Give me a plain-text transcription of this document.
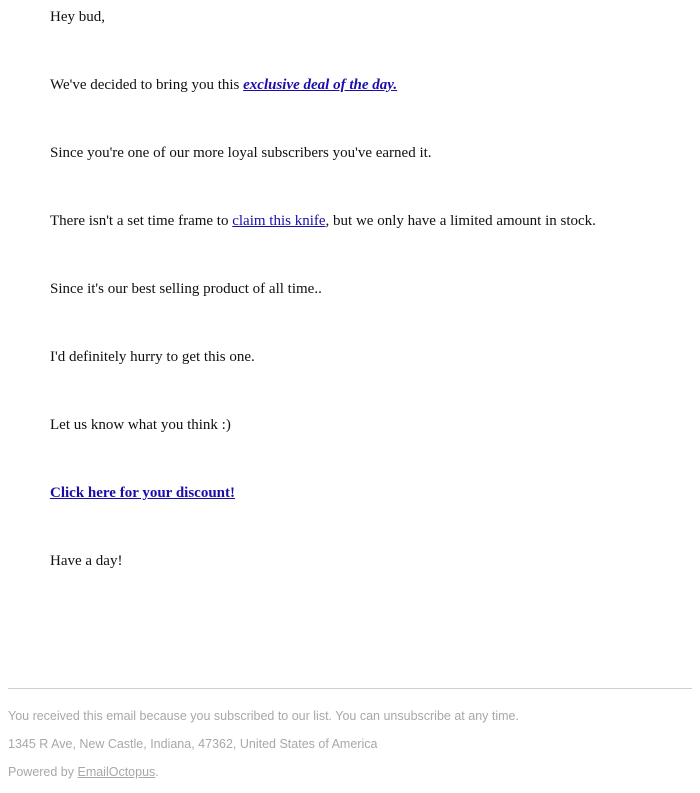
Hey bud,

We've decided to bring you this exclusive deal of the day.

Since you're one of our more loyal subscribers you've earned it.

There isn't a set time frame to claim this knife, but we only have a limited amount in stock.

Since it's our best selling product of all time..

I'd definitely hurry to get this one.

Let us know what you think :)

Click here for your discount!

Have a day!

You received this email because you subscribed to our list. You can unsubscribe at any time.

1345 R Ave, New Castle, Indiana, 47362, United States of America

Powered by EmailOctopus.
